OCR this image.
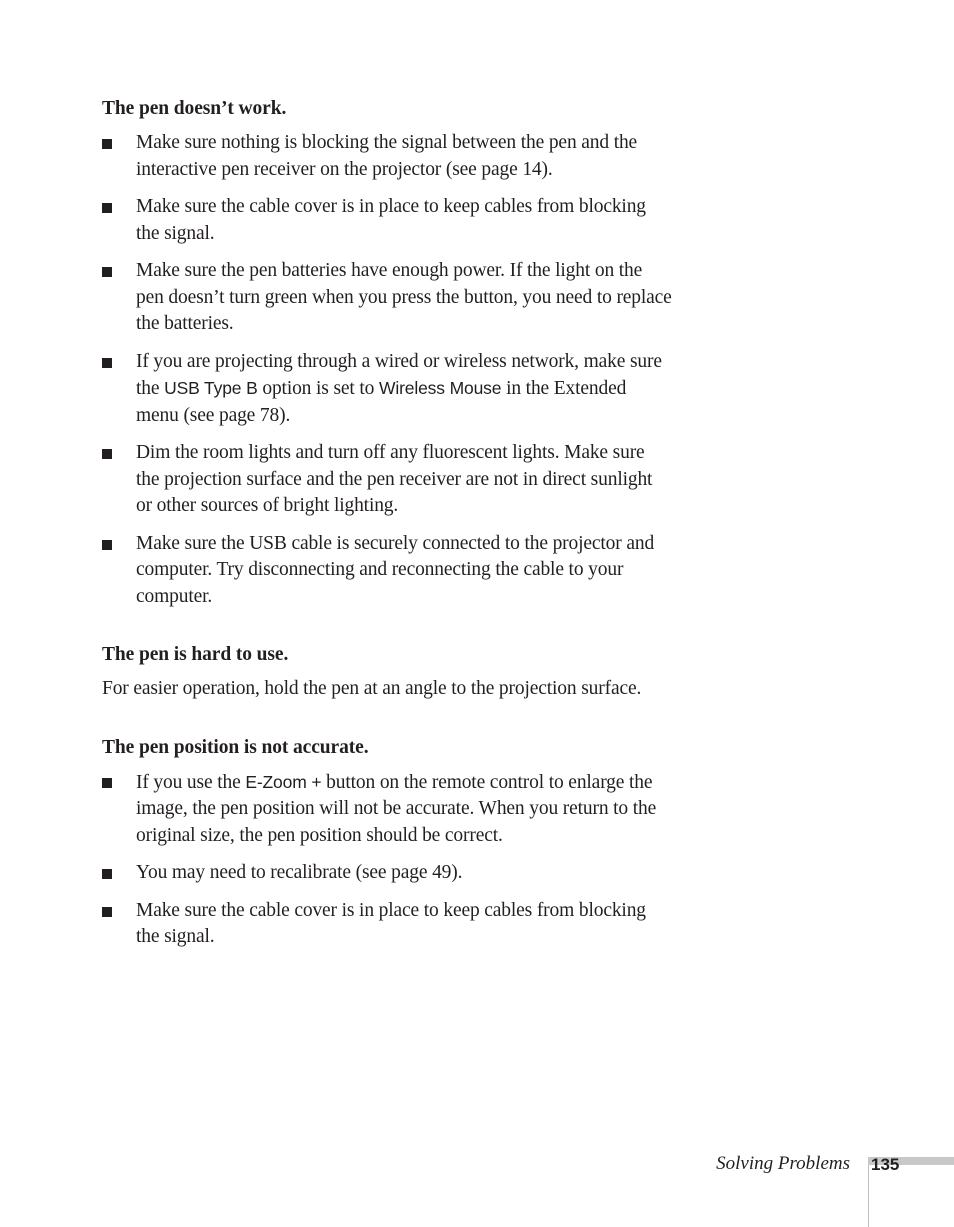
The pen doesn’t work.
Make sure nothing is blocking the signal between the pen and the interactive pen receiver on the projector (see page 14).
Make sure the cable cover is in place to keep cables from blocking the signal.
Make sure the pen batteries have enough power. If the light on the pen doesn’t turn green when you press the button, you need to replace the batteries.
If you are projecting through a wired or wireless network, make sure the USB Type B option is set to Wireless Mouse in the Extended menu (see page 78).
Dim the room lights and turn off any fluorescent lights. Make sure the projection surface and the pen receiver are not in direct sunlight or other sources of bright lighting.
Make sure the USB cable is securely connected to the projector and computer. Try disconnecting and reconnecting the cable to your computer.
The pen is hard to use.

For easier operation, hold the pen at an angle to the projection surface.

The pen position is not accurate.
If you use the E-Zoom + button on the remote control to enlarge the image, the pen position will not be accurate. When you return to the original size, the pen position should be correct.
You may need to recalibrate (see page 49).
Make sure the cable cover is in place to keep cables from blocking the signal.
Solving Problems 135
